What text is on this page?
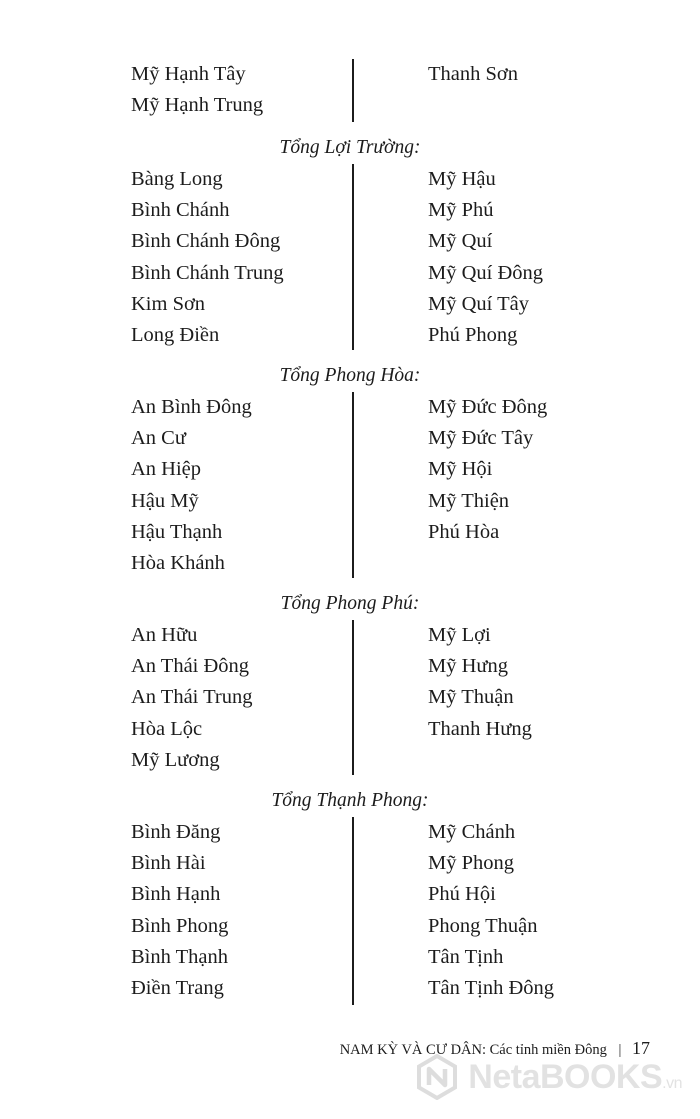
Mỹ Hạnh Tây
Mỹ Hạnh Trung
Thanh Sơn
Tổng Lợi Trường:
Bàng Long
Bình Chánh
Bình Chánh Đông
Bình Chánh Trung
Kim Sơn
Long Điền
Mỹ Hậu
Mỹ Phú
Mỹ Quí
Mỹ Quí Đông
Mỹ Quí Tây
Phú Phong
Tổng Phong Hòa:
An Bình Đông
An Cư
An Hiệp
Hậu Mỹ
Hậu Thạnh
Hòa Khánh
Mỹ Đức Đông
Mỹ Đức Tây
Mỹ Hội
Mỹ Thiện
Phú Hòa
Tổng Phong Phú:
An Hữu
An Thái Đông
An Thái Trung
Hòa Lộc
Mỹ Lương
Mỹ Lợi
Mỹ Hưng
Mỹ Thuận
Thanh Hưng
Tổng Thạnh Phong:
Bình Đăng
Bình Hài
Bình Hạnh
Bình Phong
Bình Thạnh
Điền Trang
Mỹ Chánh
Mỹ Phong
Phú Hội
Phong Thuận
Tân Tịnh
Tân Tịnh Đông
NAM KỲ VÀ CƯ DÂN: Các tỉnh miền Đông | 17
NetaBOOKS.vn
